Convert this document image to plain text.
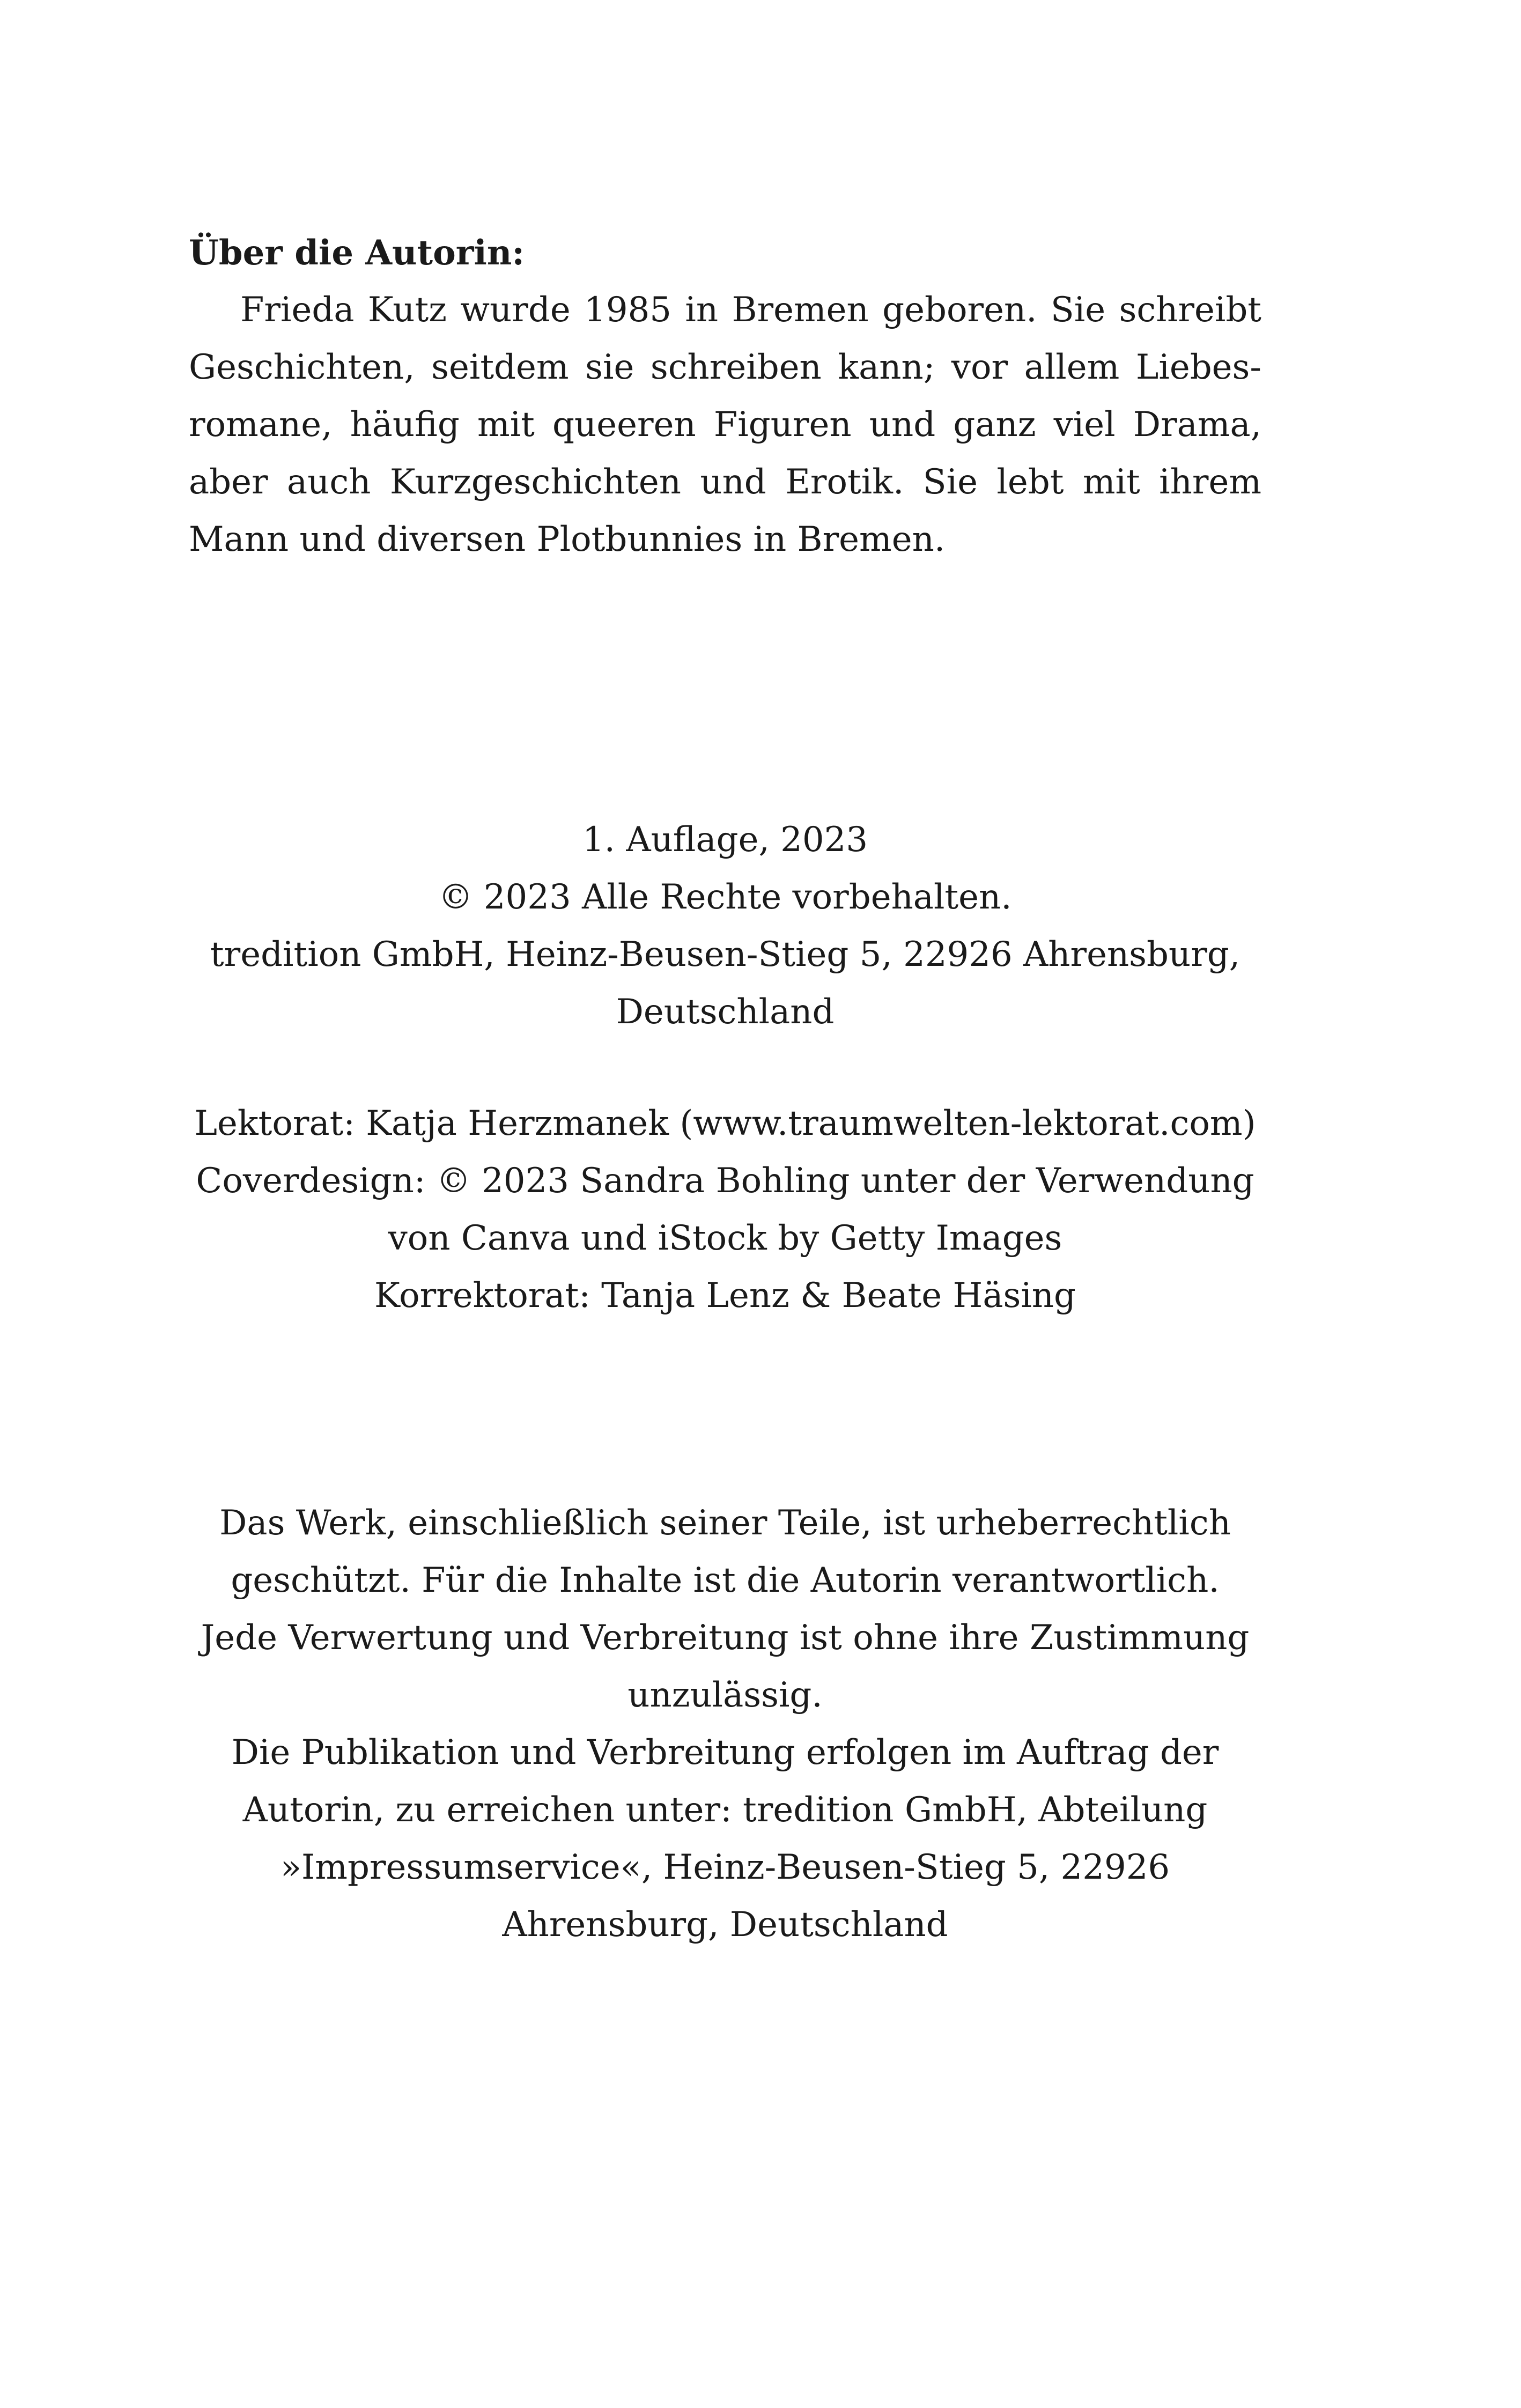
Über die Autorin:
Frieda Kutz wurde 1985 in Bremen geboren. Sie schreibt
Geschichten, seitdem sie schreiben kann; vor allem Liebes-
romane, häufig mit queeren Figuren und ganz viel Drama,
aber auch Kurzgeschichten und Erotik. Sie lebt mit ihrem
Mann und diversen Plotbunnies in Bremen.
1. Auflage, 2023
© 2023 Alle Rechte vorbehalten.
tredition GmbH, Heinz-Beusen-Stieg 5, 22926 Ahrensburg,
Deutschland
Lektorat: Katja Herzmanek (www.traumwelten-lektorat.com)
Coverdesign: © 2023 Sandra Bohling unter der Verwendung
von Canva und iStock by Getty Images
Korrektorat: Tanja Lenz & Beate Häsing
Das Werk, einschließlich seiner Teile, ist urheberrechtlich
geschützt. Für die Inhalte ist die Autorin verantwortlich.
Jede Verwertung und Verbreitung ist ohne ihre Zustimmung
unzulässig.
Die Publikation und Verbreitung erfolgen im Auftrag der
Autorin, zu erreichen unter: tredition GmbH, Abteilung
»Impressumservice«, Heinz-Beusen-Stieg 5, 22926
Ahrensburg, Deutschland
